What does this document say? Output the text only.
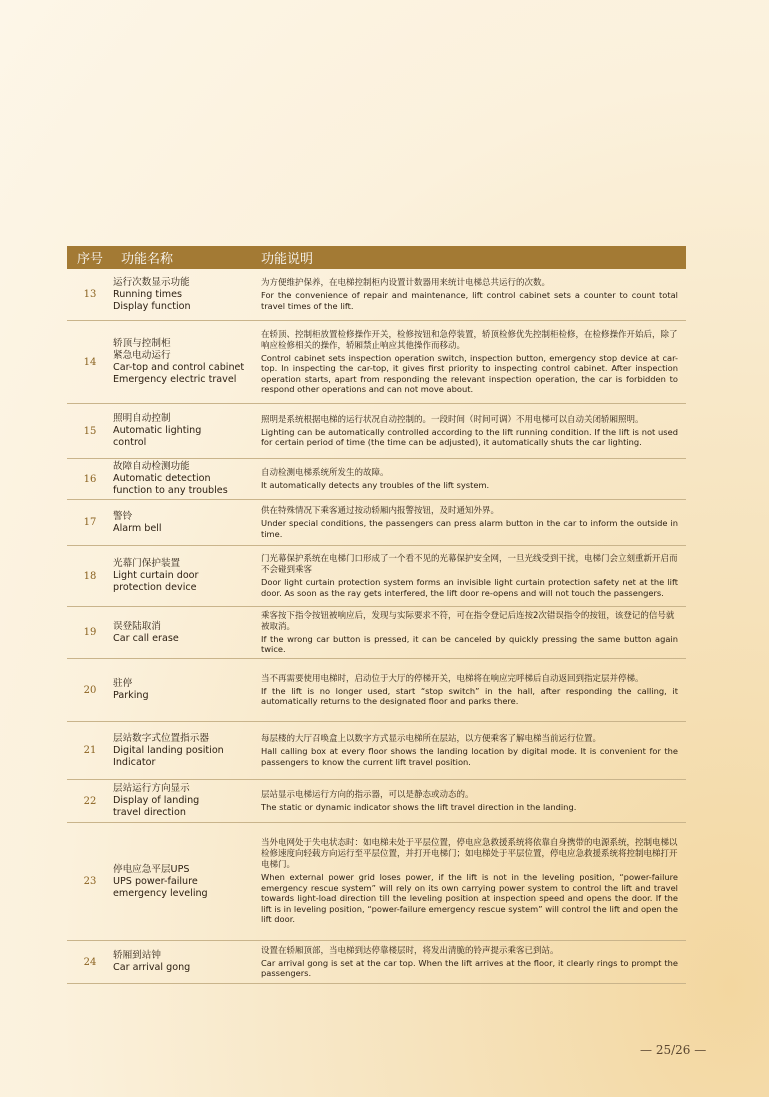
序号	功能名称	功能说明
13
运行次数显示功能
Running times
Display function
为方便维护保养，在电梯控制柜内设置计数器用来统计电梯总共运行的次数。
For the convenience of repair and maintenance, lift control cabinet sets a counter to count total travel times of the lift.
14
轿顶与控制柜
紧急电动运行
Car-top and control cabinet
Emergency electric travel
在轿顶、控制柜放置检修操作开关，检修按钮和急停装置，轿顶检修优先控制柜检修，在检修操作开始后，除了响应检修相关的操作，轿厢禁止响应其他操作而移动。
Control cabinet sets inspection operation switch, inspection button, emergency stop device at car-top. In inspecting the car-top, it gives first priority to inspecting control cabinet. After inspection operation starts, apart from responding the relevant inspection operation, the car is forbidden to respond other operations and can not move about.
15
照明自动控制
Automatic lighting
control
照明是系统根据电梯的运行状况自动控制的。一段时间（时间可调）不用电梯可以自动关闭轿厢照明。
Lighting can be automatically controlled according to the lift running condition. If the lift is not used for certain period of time (the time can be adjusted), it automatically shuts the car lighting.
16
故障自动检测功能
Automatic detection
function to any troubles
自动检测电梯系统所发生的故障。
It automatically detects any troubles of the lift system.
17
警铃
Alarm bell
供在特殊情况下乘客通过按动轿厢内报警按钮，及时通知外界。
Under special conditions, the passengers can press alarm button in the car to inform the outside in time.
18
光幕门保护装置
Light curtain door
protection device
门光幕保护系统在电梯门口形成了一个看不见的光幕保护安全网，一旦光线受到干扰，电梯门会立刻重新开启而不会碰到乘客
Door light curtain protection system forms an invisible light curtain protection safety net at the lift door. As soon as the ray gets interfered, the lift door re-opens and will not touch the passengers.
19
误登陆取消
Car call erase
乘客按下指令按钮被响应后，发现与实际要求不符，可在指令登记后连按2次错误指令的按钮，该登记的信号就被取消。
If the wrong car button is pressed, it can be canceled by quickly pressing the same button again twice.
20
驻停
Parking
当不再需要使用电梯时，启动位于大厅的停梯开关，电梯将在响应完呼梯后自动返回到指定层并停梯。
If the lift is no longer used, start “stop switch” in the hall, after responding the calling, it automatically returns to the designated floor and parks there.
21
层站数字式位置指示器
Digital landing position
Indicator
每层楼的大厅召唤盒上以数字方式显示电梯所在层站，以方便乘客了解电梯当前运行位置。
Hall calling box at every floor shows the landing location by digital mode. It is convenient for the passengers to know the current lift travel position.
22
层站运行方向显示
Display of landing
travel direction
层站显示电梯运行方向的指示器，可以是静态或动态的。
The static or dynamic indicator shows the lift travel direction in the landing.
23
停电应急平层UPS
UPS power-failure
emergency leveling
当外电网处于失电状态时：如电梯未处于平层位置，停电应急救援系统将依靠自身携带的电源系统，控制电梯以检修速度向轻载方向运行至平层位置，并打开电梯门；如电梯处于平层位置，停电应急救援系统将控制电梯打开电梯门。
When external power grid loses power, if the lift is not in the leveling position, “power-failure emergency rescue system” will rely on its own carrying power system to control the lift and travel towards light-load direction till the leveling position at inspection speed and opens the door. If the lift is in leveling position, “power-failure emergency rescue system” will control the lift and open the lift door.
24
轿厢到站钟
Car arrival gong
设置在轿厢顶部，当电梯到达停靠楼层时，将发出清脆的铃声提示乘客已到站。
Car arrival gong is set at the car top. When the lift arrives at the floor, it clearly rings to prompt the passengers.
— 25/26 —
